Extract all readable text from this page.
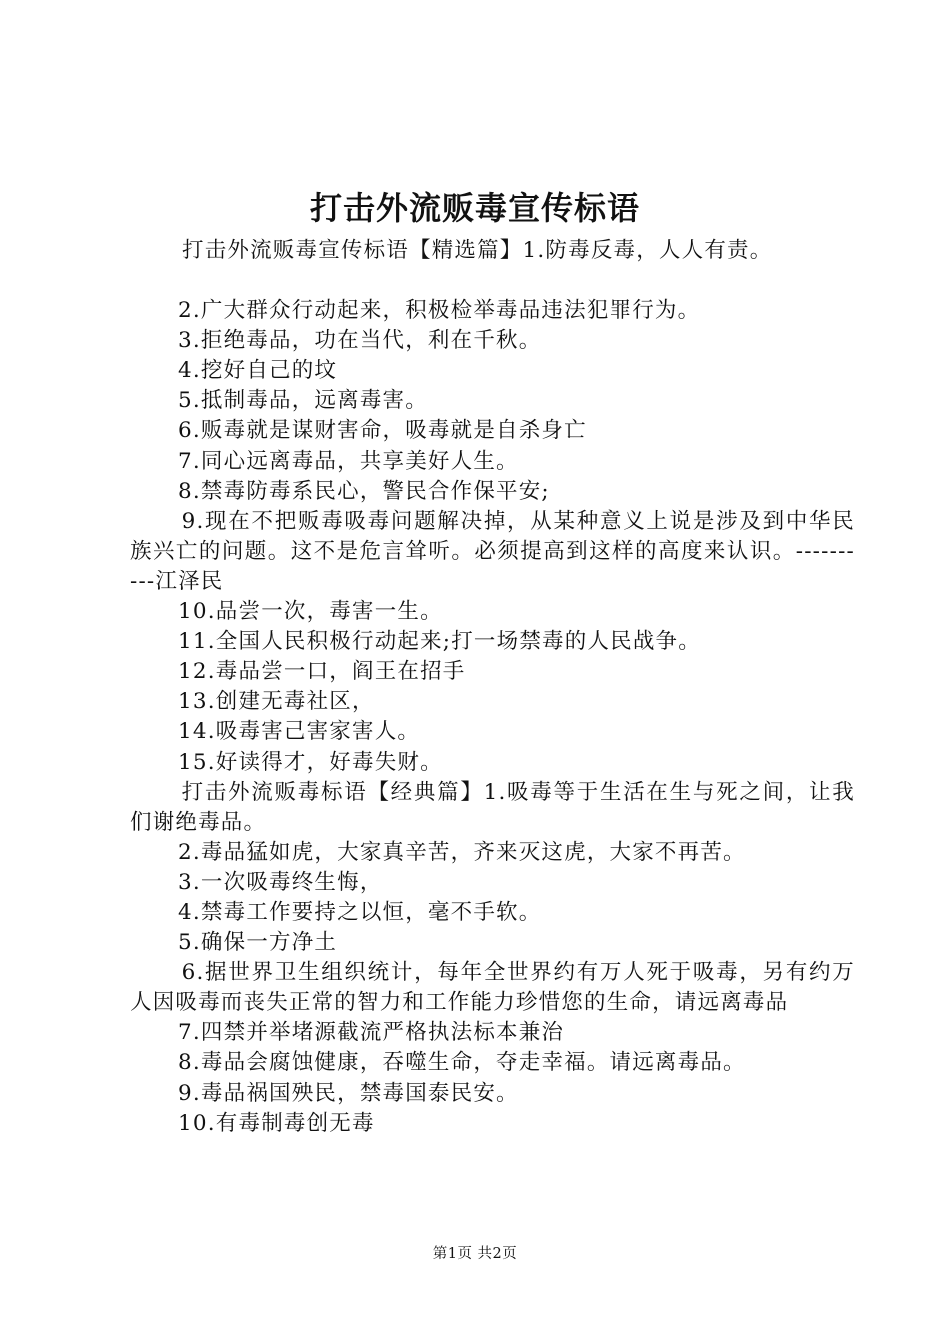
打击外流贩毒宣传标语

打击外流贩毒宣传标语【精选篇】1.防毒反毒，人人有责。

2.广大群众行动起来，积极检举毒品违法犯罪行为。

3.拒绝毒品，功在当代，利在千秋。

4.挖好自己的坟

5.抵制毒品，远离毒害。

6.贩毒就是谋财害命，吸毒就是自杀身亡

7.同心远离毒品，共享美好人生。

8.禁毒防毒系民心，警民合作保平安;

9.现在不把贩毒吸毒问题解决掉，从某种意义上说是涉及到中华民族兴亡的问题。这不是危言耸听。必须提高到这样的高度来认识。----------江泽民

10.品尝一次，毒害一生。

11.全国人民积极行动起来;打一场禁毒的人民战争。

12.毒品尝一口，阎王在招手

13.创建无毒社区，

14.吸毒害己害家害人。

15.好读得才，好毒失财。

打击外流贩毒标语【经典篇】1.吸毒等于生活在生与死之间，让我们谢绝毒品。

2.毒品猛如虎，大家真辛苦，齐来灭这虎，大家不再苦。

3.一次吸毒终生悔，

4.禁毒工作要持之以恒，毫不手软。

5.确保一方净土

6.据世界卫生组织统计，每年全世界约有万人死于吸毒，另有约万人因吸毒而丧失正常的智力和工作能力珍惜您的生命，请远离毒品

7.四禁并举堵源截流严格执法标本兼治

8.毒品会腐蚀健康，吞噬生命，夺走幸福。请远离毒品。

9.毒品祸国殃民，禁毒国泰民安。

10.有毒制毒创无毒

第1页 共2页
